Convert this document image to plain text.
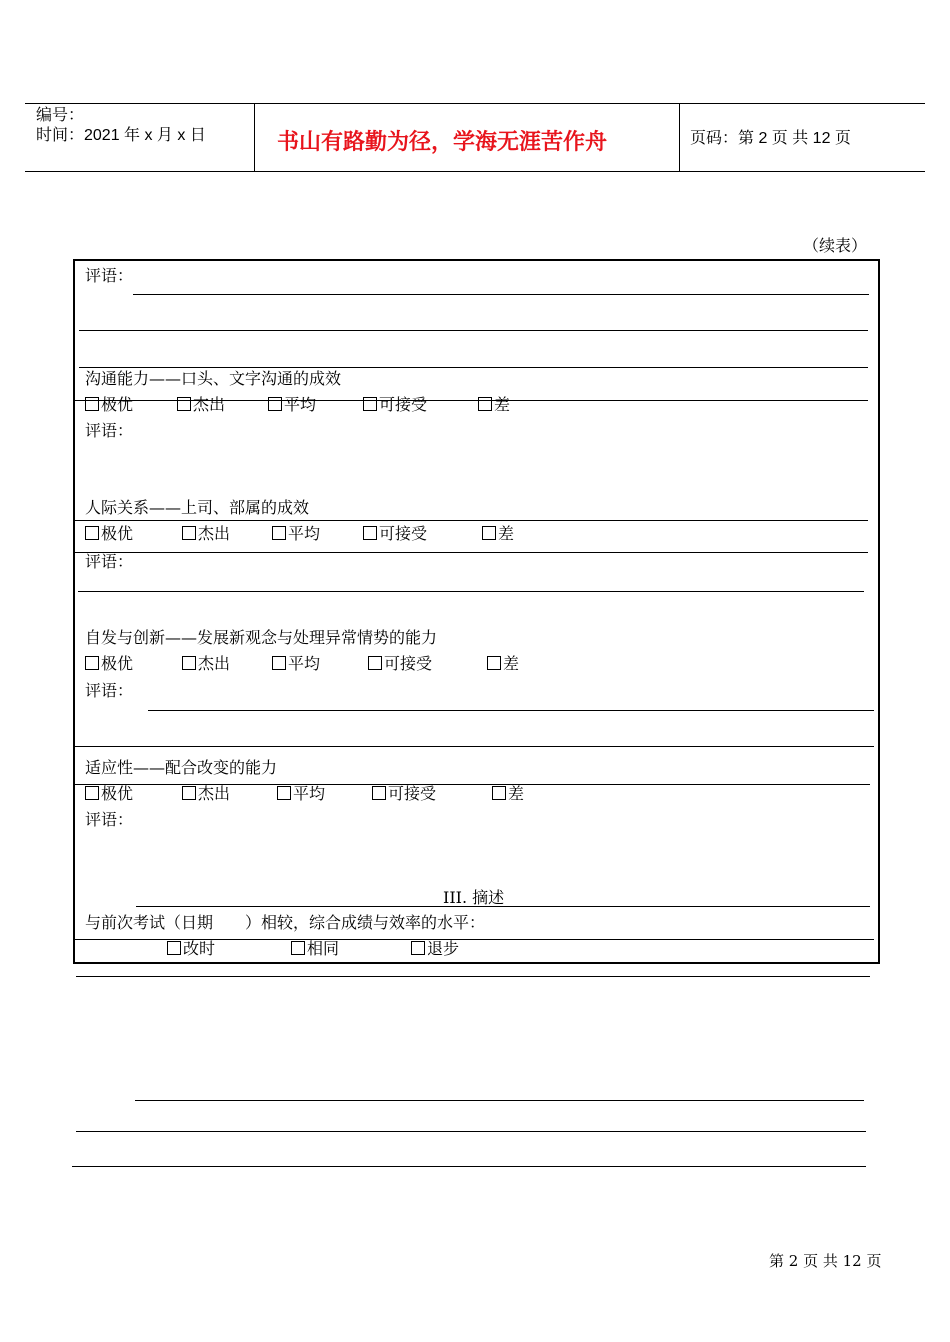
编号：
时间：2021 年 x 月 x 日	书山有路勤为径，学海无涯苦作舟	页码：第 2 页 共 12 页
（续表）
评语：
沟通能力——口头、文字沟通的成效
极优	杰出	平均	可接受	差
评语：
人际关系——上司、部属的成效
极优	杰出	平均	可接受	差
评语：
自发与创新——发展新观念与处理异常情势的能力
极优	杰出	平均	可接受	差
评语：
适应性——配合改变的能力
极优	杰出	平均	可接受	差
评语：
III. 摘述
与前次考试（日期　　）相较，综合成绩与效率的水平：
改时	相同	退步
第 2 页 共 12 页
